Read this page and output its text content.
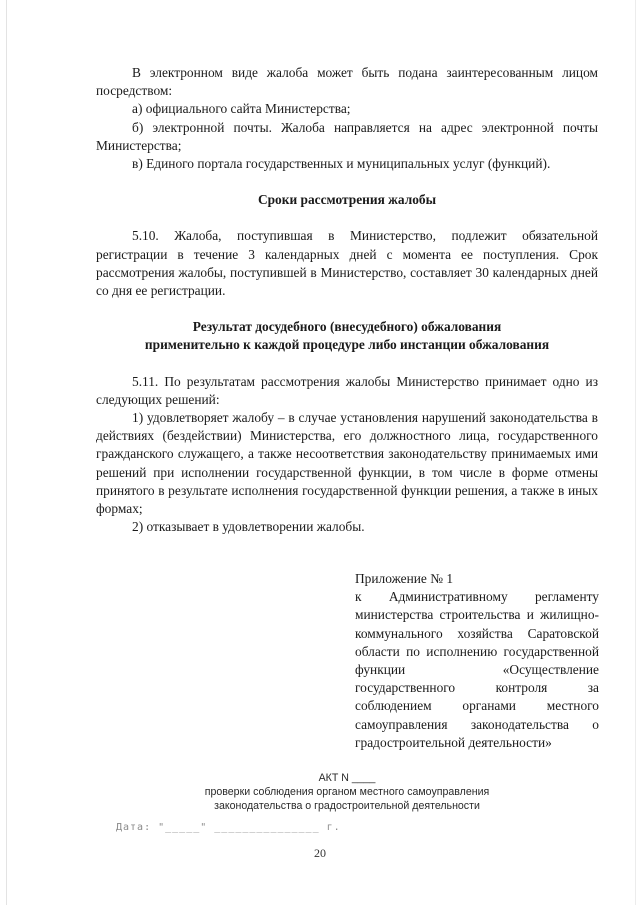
В электронном виде жалоба может быть подана заинтересованным лицом посредством:

а) официального сайта Министерства;

б) электронной почты. Жалоба направляется на адрес электронной почты Министерства;

в) Единого портала государственных и муниципальных услуг (функций).

Сроки рассмотрения жалобы

5.10. Жалоба, поступившая в Министерство, подлежит обязательной регистрации в течение 3 календарных дней с момента ее поступления. Срок рассмотрения жалобы, поступившей в Министерство, составляет 30 календарных дней со дня ее регистрации.

Результат досудебного (внесудебного) обжалования

применительно к каждой процедуре либо инстанции обжалования

5.11. По результатам рассмотрения жалобы Министерство принимает одно из следующих решений:

1) удовлетворяет жалобу – в случае установления нарушений законодательства в действиях (бездействии) Министерства, его должностного лица, государственного гражданского служащего, а также несоответствия законодательству принимаемых ими решений при исполнении государственной функции, в том числе в форме отмены принятого в результате исполнения государственной функции решения, а также в иных формах;

2) отказывает в удовлетворении жалобы.

Приложение № 1

к Административному регламенту министерства строительства и жилищно-коммунального хозяйства Саратовской области по исполнению государственной функции «Осуществление государственного контроля за соблюдением органами местного самоуправления законодательства о градостроительной деятельности»

АКТ N ____
проверки соблюдения органом местного самоуправления
законодательства о градостроительной деятельности
Дата: "_____" _______________ г.
20
